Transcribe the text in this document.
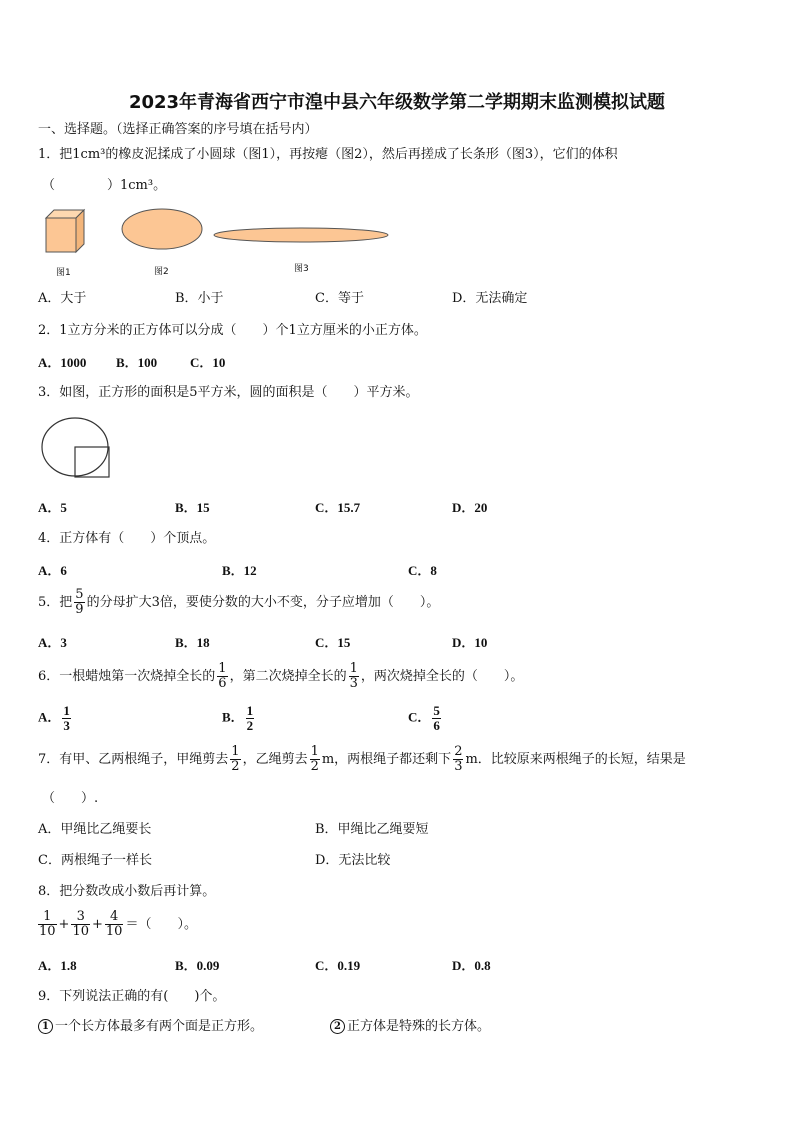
2023年青海省西宁市湟中县六年级数学第二学期期末监测模拟试题
一、选择题。（选择正确答案的序号填在括号内）
1．把1cm³的橡皮泥揉成了小圆球（图1），再按瘪（图2），然后再搓成了长条形（图3），它们的体积
（　　　　）1cm³。
图1	图2	图3
A．大于	B．小于	C．等于	D．无法确定
2．1立方分米的正方体可以分成（　　）个1立方厘米的小正方体。
A．1000 B．100	C．10
3．如图，正方形的面积是5平方米，圆的面积是（　　）平方米。
A．5	B．15	C．15.7	D．20
4．正方体有（　　）个顶点。
A．6	B．12	C．8
5．把 $\frac{5}{9}$ 的分母扩大3倍，要使分数的大小不变，分子应增加（　　）。
A．3	B．18	C．15	D．10
6．一根蜡烛第一次烧掉全长的 $\frac{1}{6}$ ，第二次烧掉全长的 $\frac{1}{3}$ ，两次烧掉全长的（　　）。
A． $\frac{1}{3}$	B． $\frac{1}{2}$	C． $\frac{5}{6}$
7．有甲、乙两根绳子，甲绳剪去 $\frac{1}{2}$ ，乙绳剪去 $\frac{1}{2}$ m，两根绳子都还剩下 $\frac{2}{3}$ m．比较原来两根绳子的长短，结果是
（　　）.
A．甲绳比乙绳要长	B．甲绳比乙绳要短
C．两根绳子一样长	D．无法比较
8．把分数改成小数后再计算。
$\frac{1}{10} + \frac{3}{10} + \frac{4}{10}$ ＝（　　）。
A．1.8	B．0.09	C．0.19	D．0.8
9．下列说法正确的有(　　)个。
1 一个长方体最多有两个面是正方形。	2 正方体是特殊的长方体。
